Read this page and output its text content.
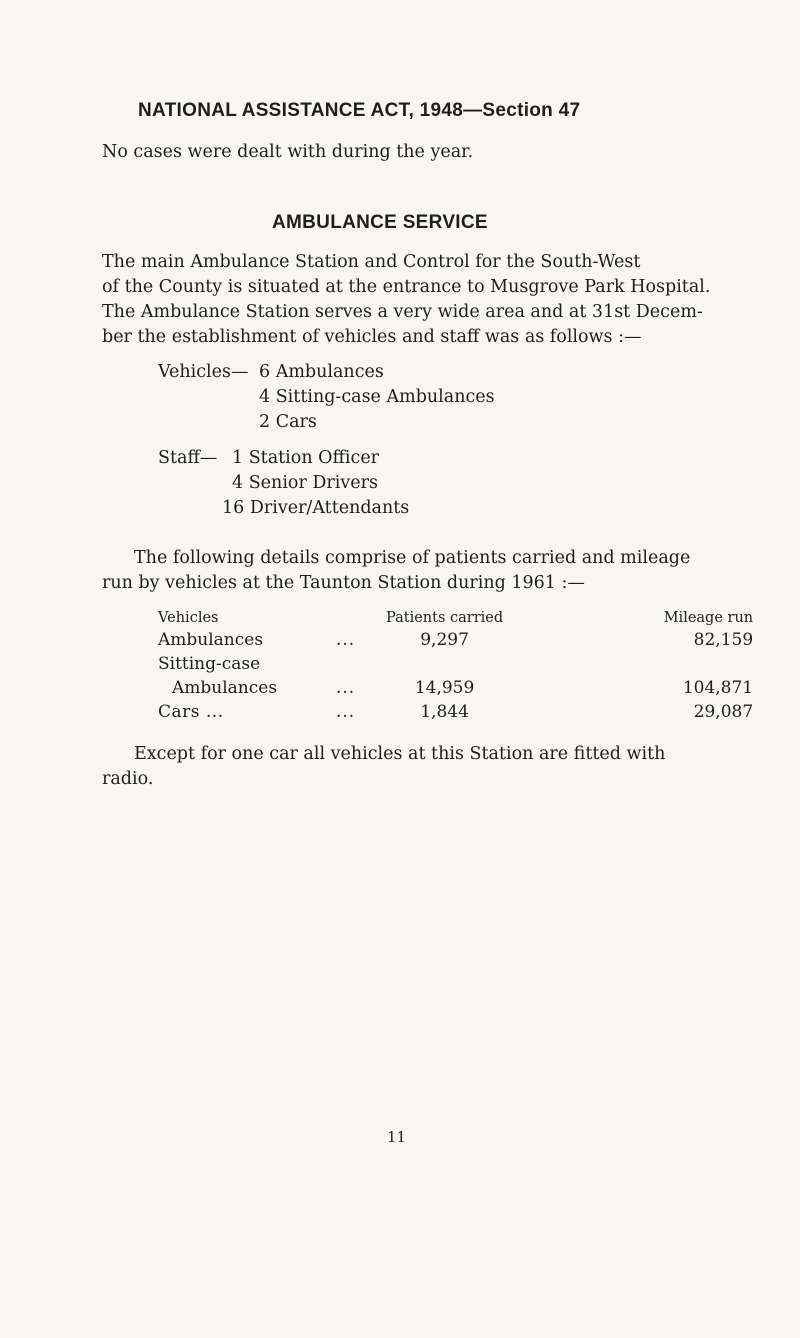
NATIONAL ASSISTANCE ACT, 1948—Section 47
No cases were dealt with during the year.
AMBULANCE SERVICE

The main Ambulance Station and Control for the South-West

of the County is situated at the entrance to Musgrove Park Hospital.

The Ambulance Station serves a very wide area and at 31st Decem-

ber the establishment of vehicles and staff was as follows :—

Vehicles— 6 Ambulances
4 Sitting-case Ambulances
2 Cars
Staff— 1 Station Officer
4 Senior Drivers
16 Driver/Attendants

The following details comprise of patients carried and mileage

run by vehicles at the Taunton Station during 1961 :—

Vehicles		Patients carried	Mileage run
Ambulances	...	9,297	82,159
Sitting-case			
Ambulances	...	14,959	104,871
Cars ...	...	1,844	29,087

Except for one car all vehicles at this Station are fitted with

radio.

11
